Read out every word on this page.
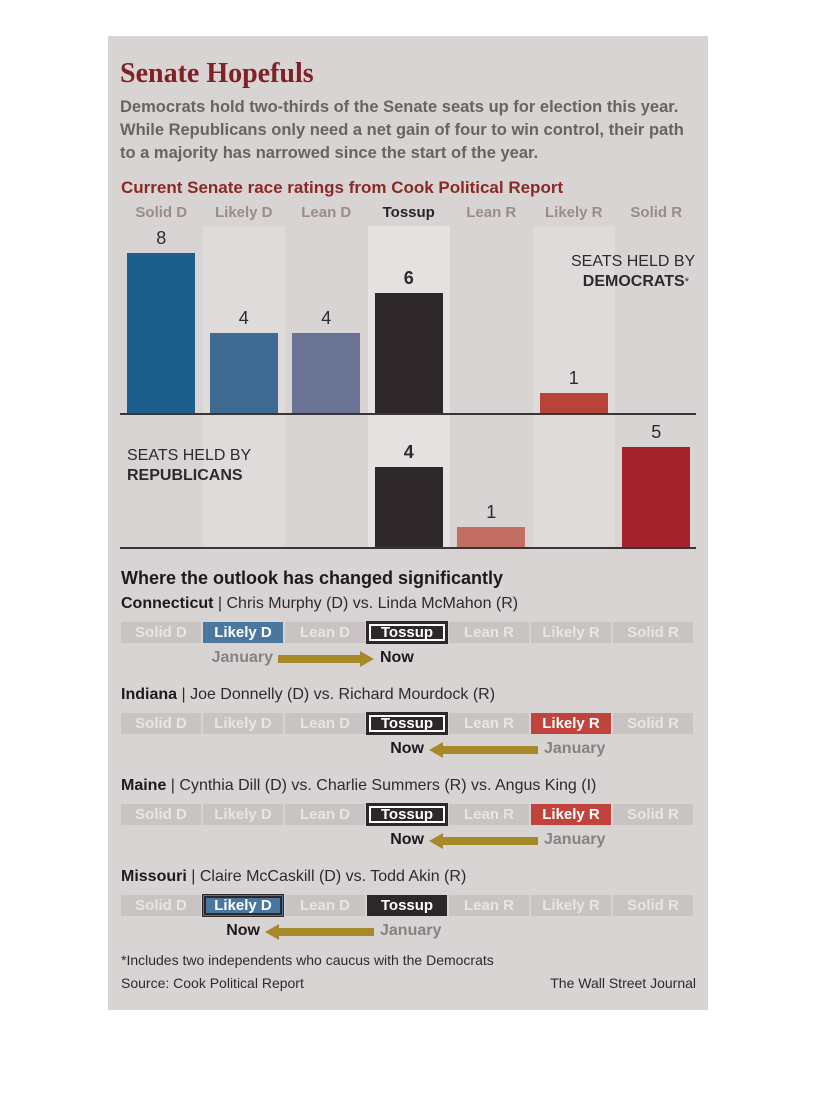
Senate Hopefuls
Democrats hold two-thirds of the Senate seats up for election this year. While Republicans only need a net gain of four to win control, their path to a majority has narrowed since the start of the year.
Current Senate race ratings from Cook Political Report
Solid D	Likely D	Lean D	Tossup	Lean R	Likely R	Solid R
8
4	4
6
1
4
1
5
SEATS HELD BY
DEMOCRATS*
SEATS HELD BY
REPUBLICANS
Where the outlook has changed significantly
Connecticut | Chris Murphy (D) vs. Linda McMahon (R)
Solid D	Likely D	Lean D	Tossup	Lean R	Likely R	Solid R
January	Now
Indiana | Joe Donnelly (D) vs. Richard Mourdock (R)
Solid D	Likely D	Lean D	Tossup	Lean R	Likely R	Solid R
January
Now
Maine | Cynthia Dill (D) vs. Charlie Summers (R) vs. Angus King (I)
Solid D	Likely D	Lean D	Tossup	Lean R	Likely R	Solid R
January
Now
Missouri | Claire McCaskill (D) vs. Todd Akin (R)
Solid D	Likely D	Lean D	Tossup	Lean R	Likely R	Solid R
January
Now
*Includes two independents who caucus with the Democrats
Source: Cook Political Report	The Wall Street Journal
